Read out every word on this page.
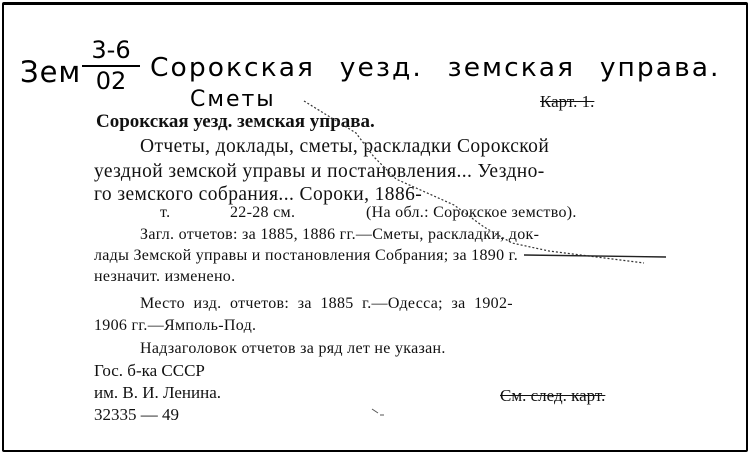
Зем
3-6
02 Сорокская уезд. земская управа.
Сметы	Карт. 1.
Сорокская уезд. земская управа.
Отчеты, доклады, сметы, раскладки Сорокской
уездной земской управы и постановления... Уездно-
го земского собрания... Сороки, 1886-
т.	22-28 см.	(На обл.: Сорокское земство).
Загл. отчетов: за 1885, 1886 гг.—Сметы, раскладки, док-
лады Земской управы и постановления Собрания; за 1890 г.
незначит. изменено.
Место  изд.  отчетов:  за  1885  г.—Одесса;  за  1902-
1906 гг.—Ямполь-Под.
Надзаголовок отчетов за ряд лет не указан.
Гос. б-ка СССР
им. В. И. Ленина.
32335 — 49
См. след. карт.
